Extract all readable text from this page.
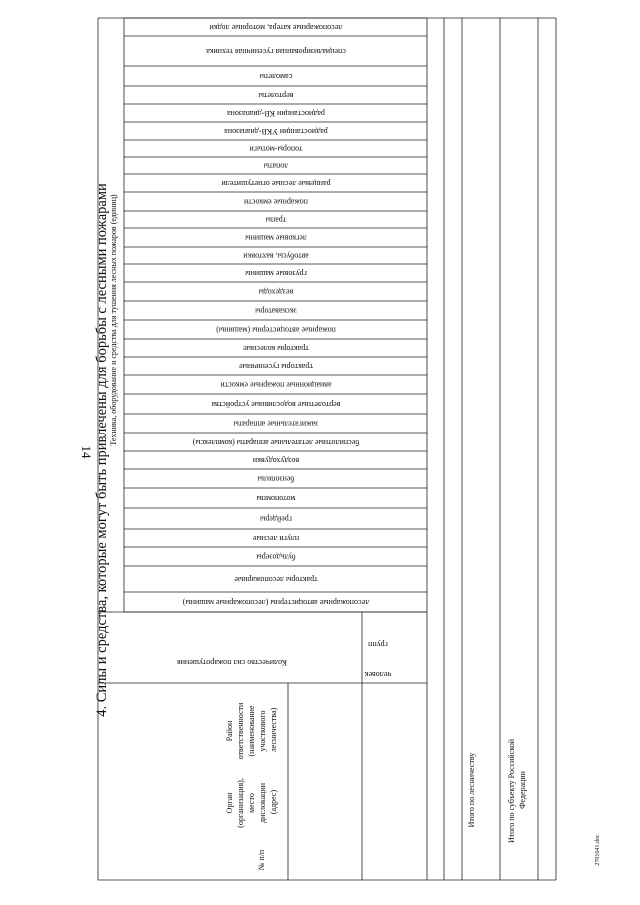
14 4. Силы и средства, которые могут быть привлечены для борьбы с лесными пожарами
2701641.doc
№ п/п
Количество сил пожаротушения
человек
групп
Техника, оборудование и средства для тушения лесных пожаров (единиц)
Орган (организация), место дислокации (адрес)
Район ответственности (наименование участкового лесничества)
Итого по лесничеству	Итого по субъекту Российской Федерации
лесопожарные автоцистерны (лесопожарные машины)
тракторы лесопожарные
бульдозеры
плуги лесные
грейдеры
мотопомпы
бензопилы
воздуходувки
беспилотные летательные аппараты (комплексы)
зажигательные аппараты
вертолетные водосливные устройства
авиационные пожарные емкости
тракторы гусеничные
тракторы колесные
пожарные автоцистерны (машины)
экскаваторы
вездеходы
грузовые машины
автобусы, вахтовки
легковые машины
трапы
пожарные емкости
ранцевые лесные огнетушители
лопаты
топоры-мотыги
радиостанции УКВ-диапазона
радиостанции КВ-диапазона
вертолеты
самолеты
специализированная гусеничная техника
лесопожарные катера, моторные лодки
